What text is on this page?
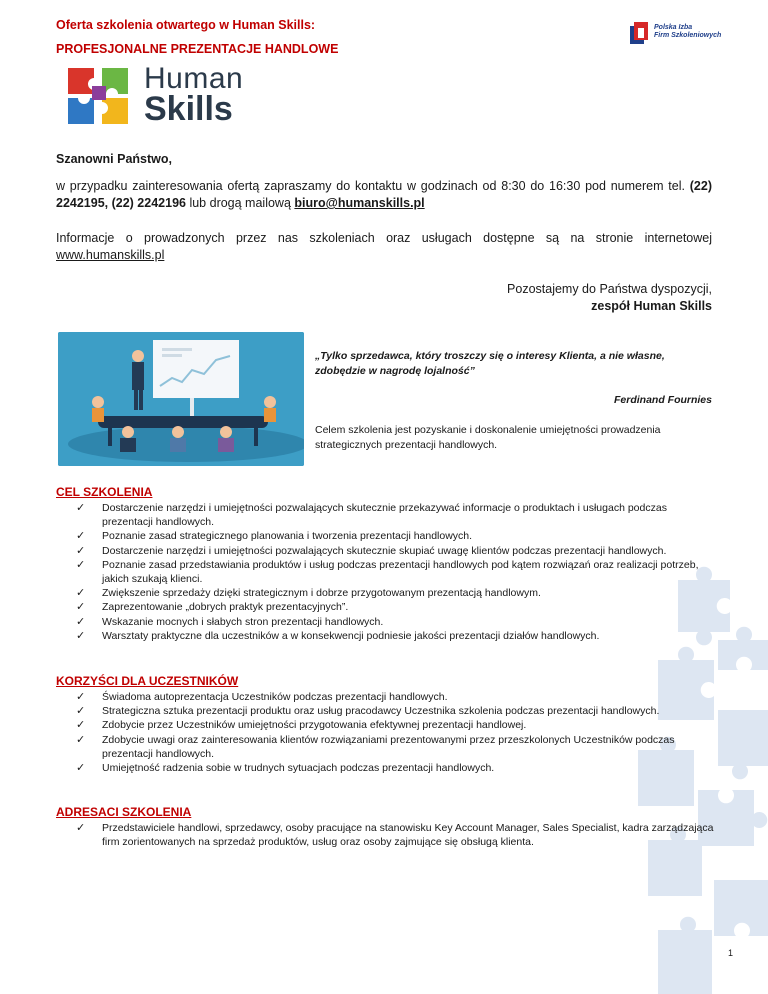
Oferta szkolenia otwartego w Human Skills:
PROFESJONALNE PREZENTACJE HANDLOWE
Polska Izba
Firm Szkoleniowych
Human
Skills
Szanowni Państwo,
w przypadku zainteresowania ofertą zapraszamy do kontaktu w godzinach od 8:30 do 16:30 pod numerem tel. (22) 2242195, (22) 2242196 lub drogą mailową biuro@humanskills.pl
Informacje o prowadzonych przez nas szkoleniach oraz usługach dostępne są na stronie internetowej www.humanskills.pl
Pozostajemy do Państwa dyspozycji,
zespół Human Skills
„Tylko sprzedawca, który troszczy się o interesy Klienta, a nie własne, zdobędzie w nagrodę lojalność”
Ferdinand Fournies
Celem szkolenia jest pozyskanie i doskonalenie umiejętności prowadzenia strategicznych prezentacji handlowych.
CEL SZKOLENIA
✓ Dostarczenie narzędzi i umiejętności pozwalających skutecznie przekazywać informacje o produktach i usługach podczas prezentacji handlowych.
✓ Poznanie zasad strategicznego planowania i tworzenia prezentacji handlowych.
✓ Dostarczenie narzędzi i umiejętności pozwalających skutecznie skupiać uwagę klientów podczas prezentacji handlowych.
✓ Poznanie zasad przedstawiania produktów i usług podczas prezentacji handlowych pod kątem rozwiązań oraz realizacji potrzeb, jakich szukają klienci.
✓ Zwiększenie sprzedaży dzięki strategicznym i dobrze przygotowanym prezentacją handlowym.
✓ Zaprezentowanie „dobrych praktyk prezentacyjnych”.
✓ Wskazanie mocnych i słabych stron prezentacji handlowych.
✓ Warsztaty praktyczne dla uczestników a w konsekwencji podniesie jakości prezentacji działów handlowych.
KORZYŚCI DLA UCZESTNIKÓW
✓ Świadoma autoprezentacja Uczestników podczas prezentacji handlowych.
✓ Strategiczna sztuka prezentacji produktu oraz usług pracodawcy Uczestnika szkolenia podczas prezentacji handlowych.
✓ Zdobycie przez Uczestników umiejętności przygotowania efektywnej prezentacji handlowej.
✓ Zdobycie uwagi oraz zainteresowania klientów rozwiązaniami prezentowanymi przez przeszkolonych Uczestników podczas prezentacji handlowych.
✓ Umiejętność radzenia sobie w trudnych sytuacjach podczas prezentacji handlowych.
ADRESACI SZKOLENIA
✓ Przedstawiciele handlowi, sprzedawcy, osoby pracujące na stanowisku Key Account Manager, Sales Specialist, kadra zarządzająca firm zorientowanych na sprzedaż produktów, usług oraz osoby zajmujące się obsługą klienta.
1
